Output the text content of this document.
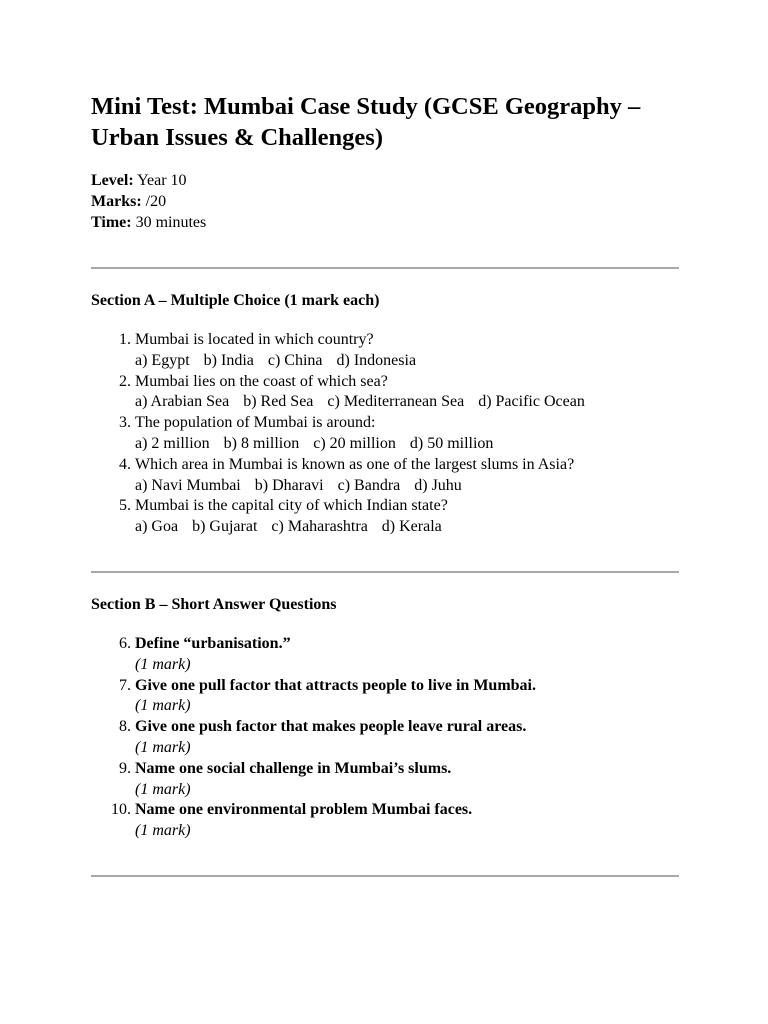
Mini Test: Mumbai Case Study (GCSE Geography – Urban Issues & Challenges)
Level: Year 10
Marks: /20
Time: 30 minutes
Section A – Multiple Choice (1 mark each)
1. Mumbai is located in which country?
a) Egypt b) India c) China d) Indonesia
2. Mumbai lies on the coast of which sea?
a) Arabian Sea b) Red Sea c) Mediterranean Sea d) Pacific Ocean
3. The population of Mumbai is around:
a) 2 million b) 8 million c) 20 million d) 50 million
4. Which area in Mumbai is known as one of the largest slums in Asia?
a) Navi Mumbai b) Dharavi c) Bandra d) Juhu
5. Mumbai is the capital city of which Indian state?
a) Goa b) Gujarat c) Maharashtra d) Kerala
Section B – Short Answer Questions
6. Define “urbanisation.”
(1 mark)
7. Give one pull factor that attracts people to live in Mumbai.
(1 mark)
8. Give one push factor that makes people leave rural areas.
(1 mark)
9. Name one social challenge in Mumbai’s slums.
(1 mark)
10. Name one environmental problem Mumbai faces.
(1 mark)
